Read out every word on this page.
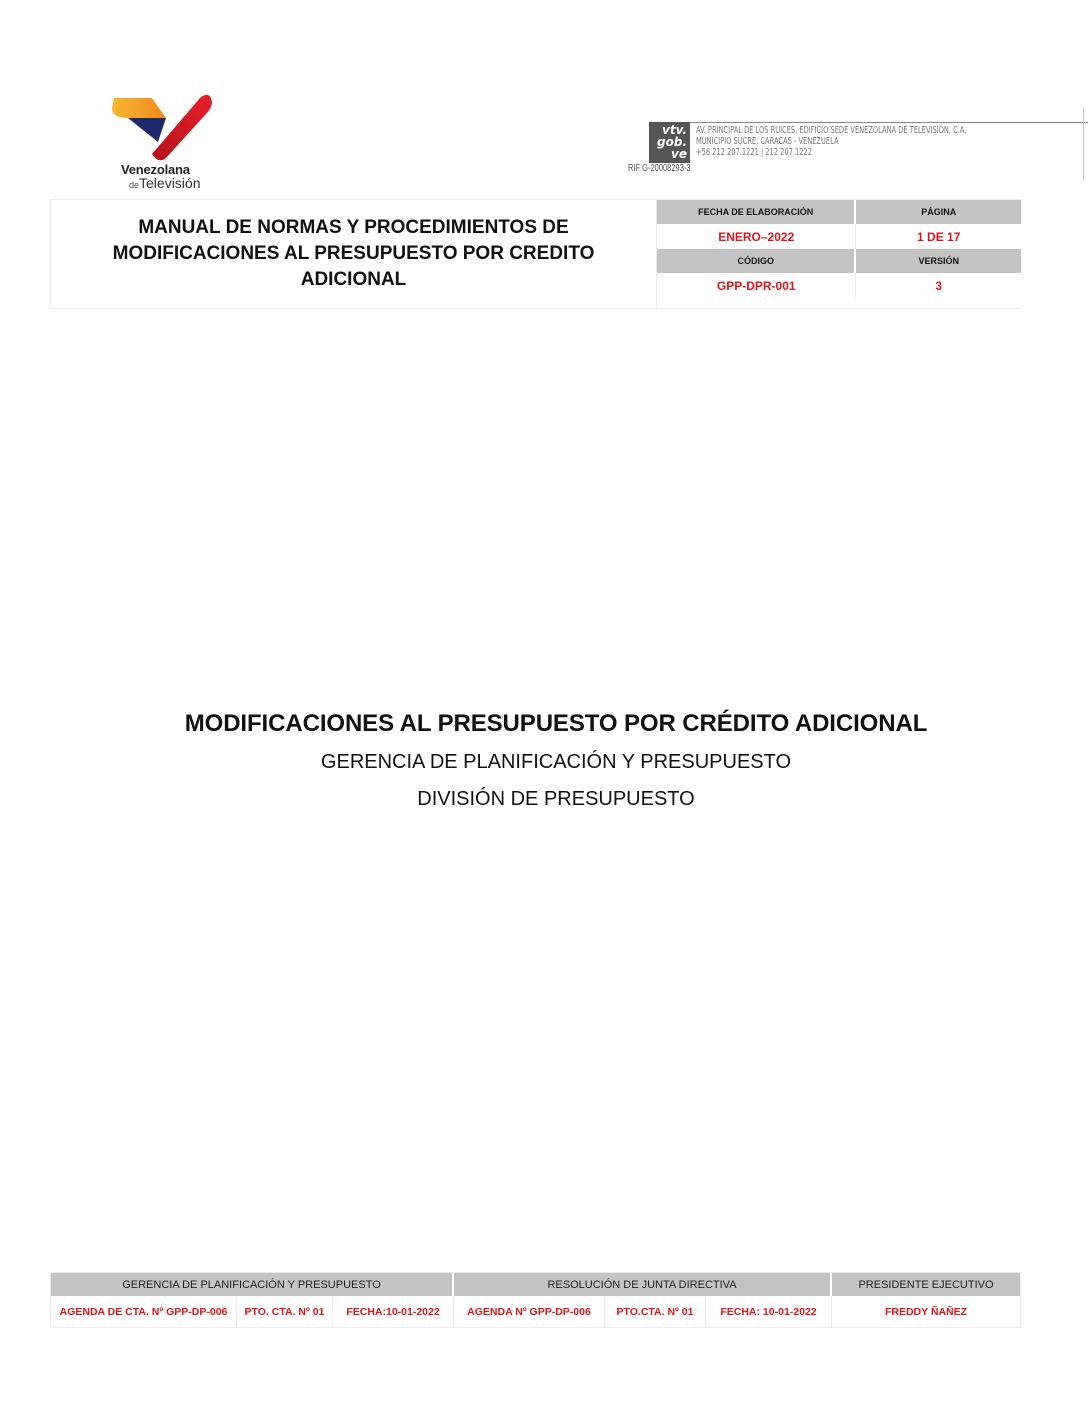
Venezolana
deTelevisión
vtv.
gob.
ve
AV. PRINCIPAL DE LOS RUICES, EDIFICIO SEDE VENEZOLANA DE TELEVISIÓN, C.A,
MUNICIPIO SUCRE, CARACAS - VENEZUELA
+58 212 207.1221 | 212 207.1222
RIF G-20008293-3
MANUAL DE NORMAS Y PROCEDIMIENTOS DE MODIFICACIONES AL PRESUPUESTO POR CREDITO ADICIONAL
FECHA DE ELABORACIÓN	PÁGINA
ENERO–2022	1 DE 17
CÓDIGO	VERSIÓN
GPP-DPR-001	3
MODIFICACIONES AL PRESUPUESTO POR CRÉDITO ADICIONAL
GERENCIA DE PLANIFICACIÓN Y PRESUPUESTO
DIVISIÓN DE PRESUPUESTO
GERENCIA DE PLANIFICACIÓN Y PRESUPUESTO	RESOLUCIÓN DE JUNTA DIRECTIVA	PRESIDENTE EJECUTIVO
AGENDA DE CTA. Nº GPP-DP-006	PTO. CTA. Nº 01	FECHA:10-01-2022	AGENDA Nº GPP-DP-006	PTO.CTA. Nº 01	FECHA: 10-01-2022	FREDDY ÑAÑEZ
